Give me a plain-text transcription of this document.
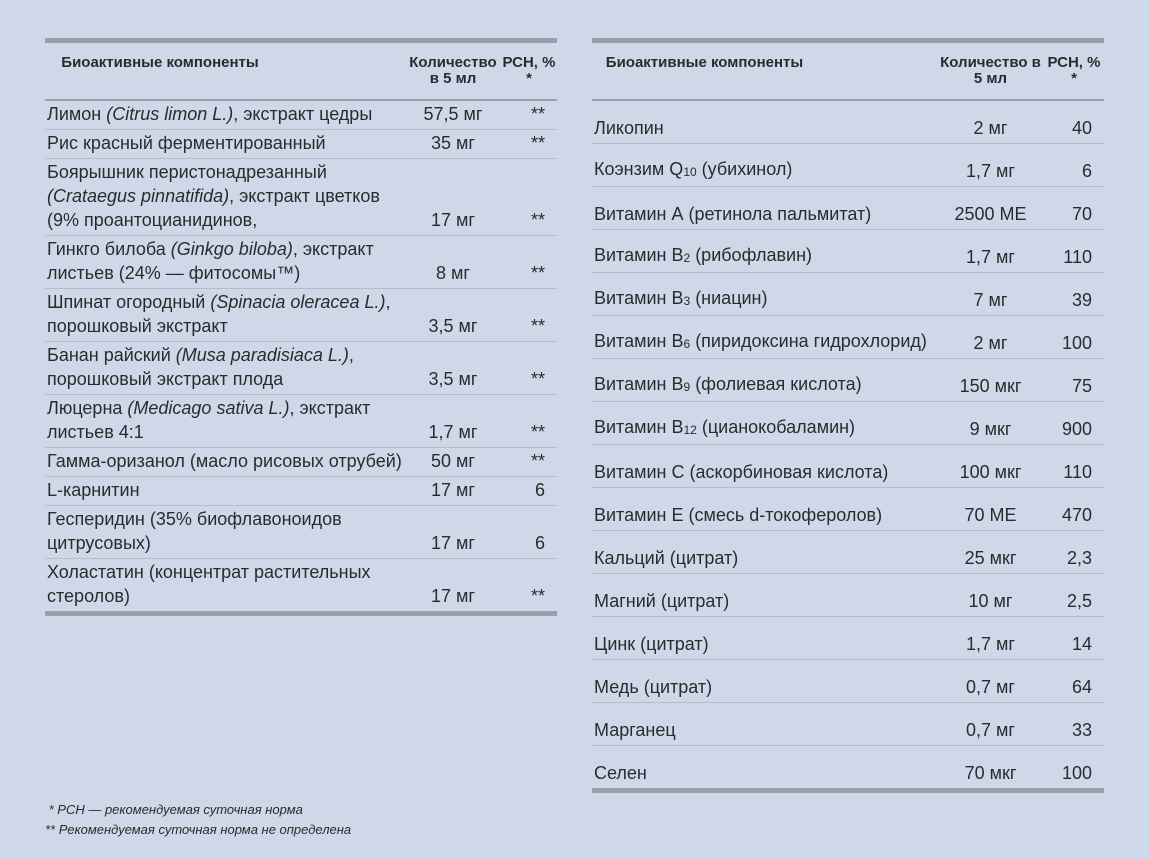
Биоактивные компоненты	Количество в 5 мл	РСН, % *
Лимон (Citrus limon L.), экстракт цедры	57,5 мг	**
Рис красный ферментированный	35 мг	**
Боярышник перистонадрезанный (Crataegus pinnatifida), экстракт цветков (9% проантоцианидинов,	17 мг	**
Гинкго билоба (Ginkgo biloba), экстракт листьев (24% — фитосомы™)	8 мг	**
Шпинат огородный (Spinacia oleracea L.), порошковый экстракт	3,5 мг	**
Банан райский (Musa paradisiaca L.), порошковый экстракт плода	3,5 мг	**
Люцерна (Medicago sativa L.), экстракт листьев 4:1	1,7 мг	**
Гамма-оризанол (масло рисовых отрубей)	50 мг	**
L-карнитин	17 мг	6
Гесперидин (35% биофлавоноидов цитрусовых)	17 мг	6
Холастатин (концентрат растительных стеролов)	17 мг	**
Биоактивные компоненты	Количество в 5 мл	РСН, % *
Ликопин	2 мг	40
Коэнзим Q10 (убихинол)	1,7 мг	6
Витамин А (ретинола пальмитат)	2500 МЕ	70
Витамин В2 (рибофлавин)	1,7 мг	110
Витамин В3 (ниацин)	7 мг	39
Витамин В6 (пиридоксина гидрохлорид)	2 мг	100
Витамин В9 (фолиевая кислота)	150 мкг	75
Витамин В12 (цианокобаламин)	9 мкг	900
Витамин С (аскорбиновая кислота)	100 мкг	110
Витамин Е (смесь d-токоферолов)	70 МЕ	470
Кальций (цитрат)	25 мкг	2,3
Магний (цитрат)	10 мг	2,5
Цинк (цитрат)	1,7 мг	14
Медь (цитрат)	0,7 мг	64
Марганец	0,7 мг	33
Селен	70 мкг	100
* РСН — рекомендуемая суточная норма
** Рекомендуемая суточная норма не определена
